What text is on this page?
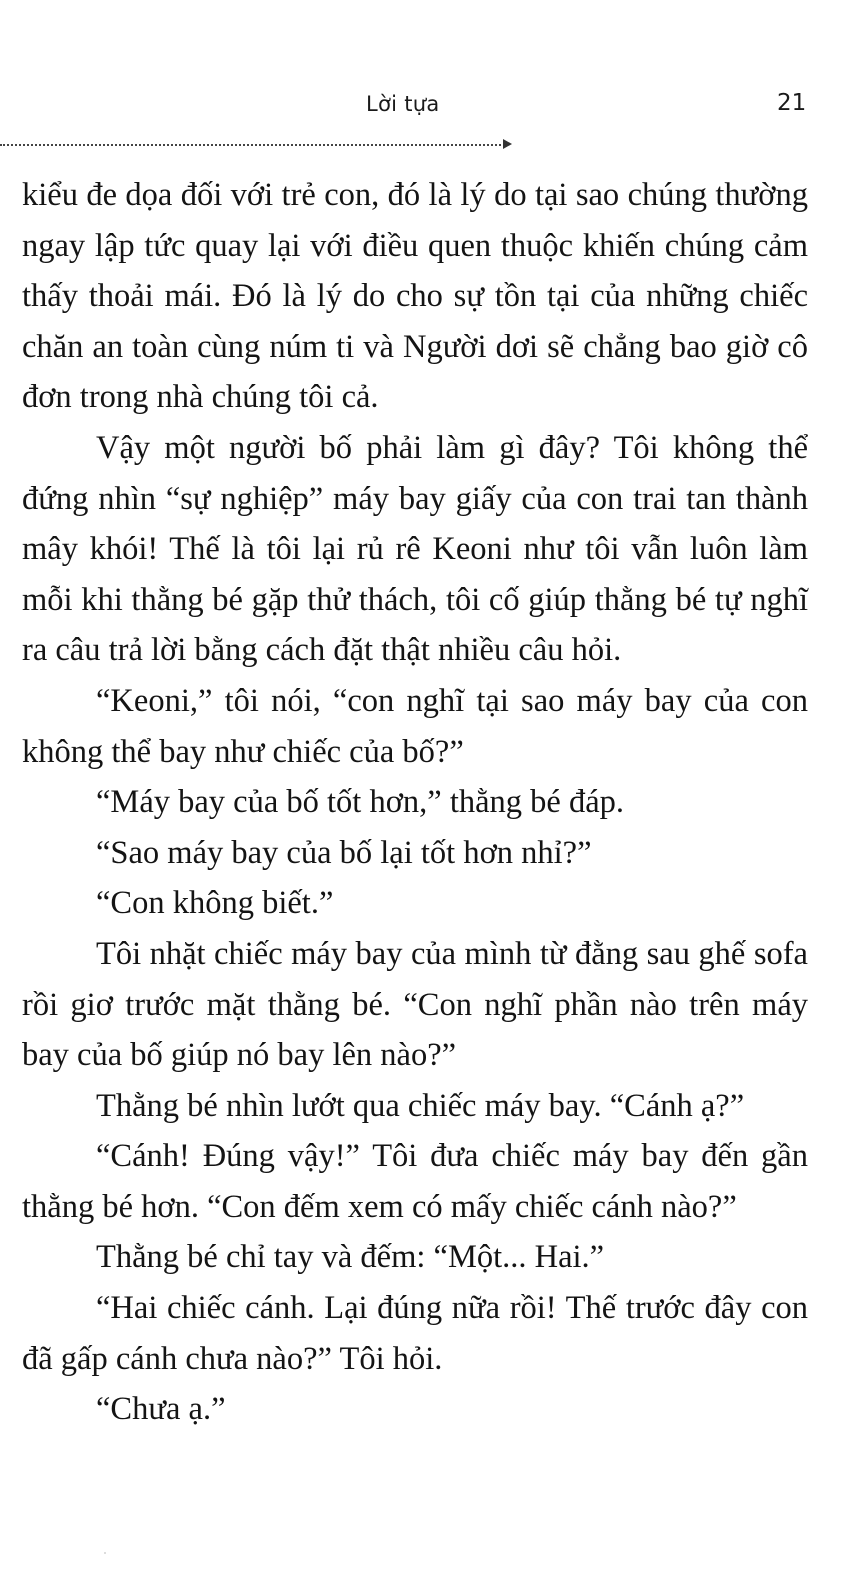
Lời tựa	21

kiểu đe dọa đối với trẻ con, đó là lý do tại sao chúng thường ngay lập tức quay lại với điều quen thuộc khiến chúng cảm thấy thoải mái. Đó là lý do cho sự tồn tại của những chiếc chăn an toàn cùng núm ti và Người dơi sẽ chẳng bao giờ cô đơn trong nhà chúng tôi cả.

Vậy một người bố phải làm gì đây? Tôi không thể đứng nhìn “sự nghiệp” máy bay giấy của con trai tan thành mây khói! Thế là tôi lại rủ rê Keoni như tôi vẫn luôn làm mỗi khi thằng bé gặp thử thách, tôi cố giúp thằng bé tự nghĩ ra câu trả lời bằng cách đặt thật nhiều câu hỏi.

“Keoni,” tôi nói, “con nghĩ tại sao máy bay của con không thể bay như chiếc của bố?”

“Máy bay của bố tốt hơn,” thằng bé đáp.

“Sao máy bay của bố lại tốt hơn nhỉ?”

“Con không biết.”

Tôi nhặt chiếc máy bay của mình từ đằng sau ghế sofa rồi giơ trước mặt thằng bé. “Con nghĩ phần nào trên máy bay của bố giúp nó bay lên nào?”

Thằng bé nhìn lướt qua chiếc máy bay. “Cánh ạ?”

“Cánh! Đúng vậy!” Tôi đưa chiếc máy bay đến gần thằng bé hơn. “Con đếm xem có mấy chiếc cánh nào?”

Thằng bé chỉ tay và đếm: “Một... Hai.”

“Hai chiếc cánh. Lại đúng nữa rồi! Thế trước đây con đã gấp cánh chưa nào?” Tôi hỏi.

“Chưa ạ.”
